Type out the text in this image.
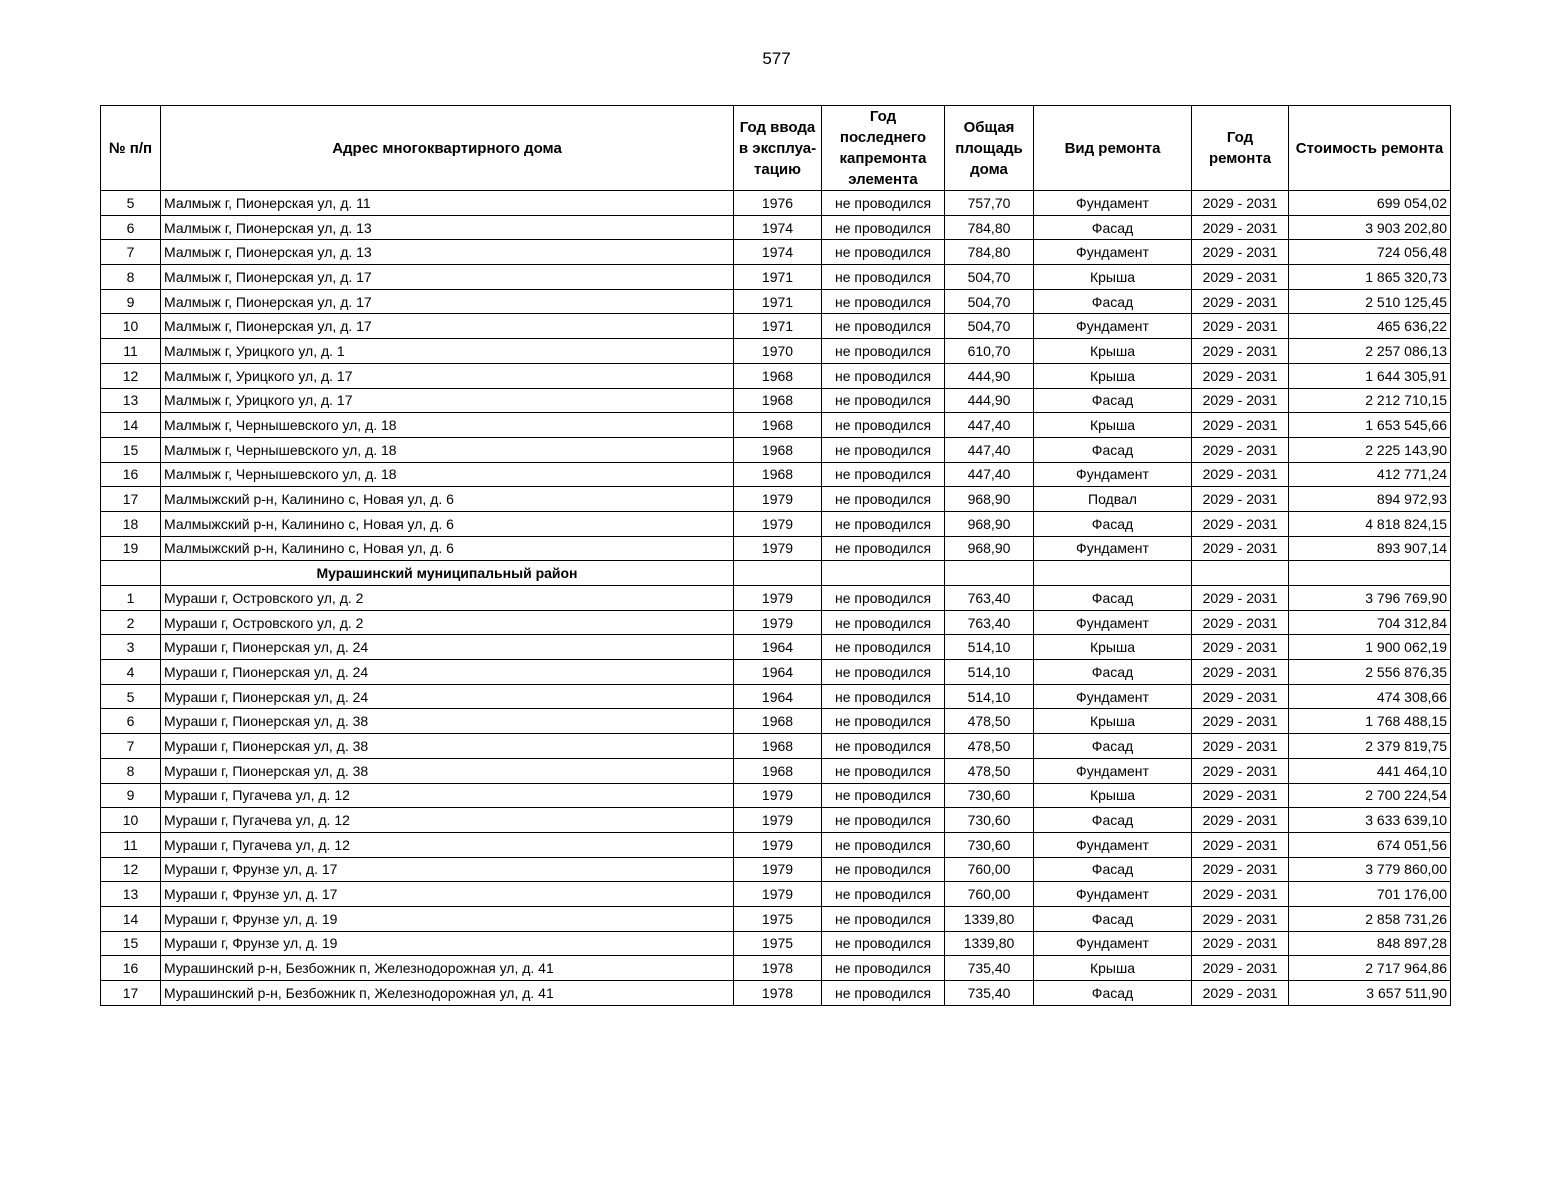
577
№ п/п	Адрес многоквартирного дома	Год ввода в эксплуа-тацию	Год последнего капремонта элемента	Общая площадь дома	Вид ремонта	Год ремонта	Стоимость ремонта
5	Малмыж г, Пионерская ул, д. 11	1976	не проводился	757,70	Фундамент	2029 - 2031	699 054,02
6	Малмыж г, Пионерская ул, д. 13	1974	не проводился	784,80	Фасад	2029 - 2031	3 903 202,80
7	Малмыж г, Пионерская ул, д. 13	1974	не проводился	784,80	Фундамент	2029 - 2031	724 056,48
8	Малмыж г, Пионерская ул, д. 17	1971	не проводился	504,70	Крыша	2029 - 2031	1 865 320,73
9	Малмыж г, Пионерская ул, д. 17	1971	не проводился	504,70	Фасад	2029 - 2031	2 510 125,45
10	Малмыж г, Пионерская ул, д. 17	1971	не проводился	504,70	Фундамент	2029 - 2031	465 636,22
11	Малмыж г, Урицкого ул, д. 1	1970	не проводился	610,70	Крыша	2029 - 2031	2 257 086,13
12	Малмыж г, Урицкого ул, д. 17	1968	не проводился	444,90	Крыша	2029 - 2031	1 644 305,91
13	Малмыж г, Урицкого ул, д. 17	1968	не проводился	444,90	Фасад	2029 - 2031	2 212 710,15
14	Малмыж г, Чернышевского ул, д. 18	1968	не проводился	447,40	Крыша	2029 - 2031	1 653 545,66
15	Малмыж г, Чернышевского ул, д. 18	1968	не проводился	447,40	Фасад	2029 - 2031	2 225 143,90
16	Малмыж г, Чернышевского ул, д. 18	1968	не проводился	447,40	Фундамент	2029 - 2031	412 771,24
17	Малмыжский р-н, Калинино с, Новая ул, д. 6	1979	не проводился	968,90	Подвал	2029 - 2031	894 972,93
18	Малмыжский р-н, Калинино с, Новая ул, д. 6	1979	не проводился	968,90	Фасад	2029 - 2031	4 818 824,15
19	Малмыжский р-н, Калинино с, Новая ул, д. 6	1979	не проводился	968,90	Фундамент	2029 - 2031	893 907,14
	Мурашинский муниципальный район						
1	Мураши г, Островского ул, д. 2	1979	не проводился	763,40	Фасад	2029 - 2031	3 796 769,90
2	Мураши г, Островского ул, д. 2	1979	не проводился	763,40	Фундамент	2029 - 2031	704 312,84
3	Мураши г, Пионерская ул, д. 24	1964	не проводился	514,10	Крыша	2029 - 2031	1 900 062,19
4	Мураши г, Пионерская ул, д. 24	1964	не проводился	514,10	Фасад	2029 - 2031	2 556 876,35
5	Мураши г, Пионерская ул, д. 24	1964	не проводился	514,10	Фундамент	2029 - 2031	474 308,66
6	Мураши г, Пионерская ул, д. 38	1968	не проводился	478,50	Крыша	2029 - 2031	1 768 488,15
7	Мураши г, Пионерская ул, д. 38	1968	не проводился	478,50	Фасад	2029 - 2031	2 379 819,75
8	Мураши г, Пионерская ул, д. 38	1968	не проводился	478,50	Фундамент	2029 - 2031	441 464,10
9	Мураши г, Пугачева ул, д. 12	1979	не проводился	730,60	Крыша	2029 - 2031	2 700 224,54
10	Мураши г, Пугачева ул, д. 12	1979	не проводился	730,60	Фасад	2029 - 2031	3 633 639,10
11	Мураши г, Пугачева ул, д. 12	1979	не проводился	730,60	Фундамент	2029 - 2031	674 051,56
12	Мураши г, Фрунзе ул, д. 17	1979	не проводился	760,00	Фасад	2029 - 2031	3 779 860,00
13	Мураши г, Фрунзе ул, д. 17	1979	не проводился	760,00	Фундамент	2029 - 2031	701 176,00
14	Мураши г, Фрунзе ул, д. 19	1975	не проводился	1339,80	Фасад	2029 - 2031	2 858 731,26
15	Мураши г, Фрунзе ул, д. 19	1975	не проводился	1339,80	Фундамент	2029 - 2031	848 897,28
16	Мурашинский р-н, Безбожник п, Железнодорожная ул, д. 41	1978	не проводился	735,40	Крыша	2029 - 2031	2 717 964,86
17	Мурашинский р-н, Безбожник п, Железнодорожная ул, д. 41	1978	не проводился	735,40	Фасад	2029 - 2031	3 657 511,90
